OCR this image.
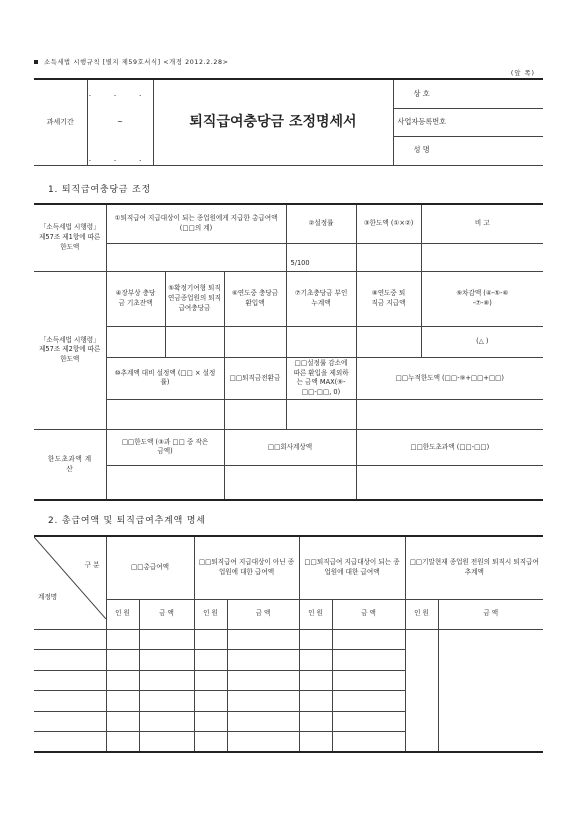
소득세법 시행규칙 [별지 제59호서식] <개정 2012.2.28>
(앞 쪽)
과세기간	. . .		퇴직급여충당금 조정명세서	상 호
	~		사업자등록번호
	. . .		성 명
1. 퇴직급여충당금 조정
「소득세법 시행령」 제57조 제1항에 따른 한도액	①퇴직급여 지급대상이 되는 종업원에게 지급한 총급여액(□□의 계)			②설정률	③한도액 (①×②)	비 고
				5/100		
「소득세법 시행령」 제57조 제2항에 따른 한도액	④장부상 충당금 기초잔액	⑤확정기여형 퇴직연금종업원의 퇴직급여충당금	⑥연도중 충당금 환입액	⑦기초충당금 부인누계액	⑧연도중 퇴직금 지급액	⑨차감액 (④-⑤-⑥ -⑦-⑧)
						(△ )
	⑩추계액 대비 설정액 (□□ × 설정률)		□□퇴직금전환금	□□설정률 감소에 따른 환입을 제외하는 금액 MAX(⑨-□□-□□, 0)	□□누적한도액 (□□-⑨+□□+□□)	

한도초과액 계 산	□□한도액 (③과 □□ 중 작은 금액)		□□회사계상액		□□한도초과액 (□□-□□)	

2. 총급여액 및 퇴직급여추계액 명세
구 분
계정명	□□총급여액		□□퇴직급여 지급대상이 아닌 종업원에 대한 급여액		□□퇴직급여 지급대상이 되는 종업원에 대한 급여액		□□기말현재 종업원 전원의 퇴직시 퇴직급여 추계액	
	인 원	금 액	인 원	금 액	인 원	금 액	인 원	금 액
